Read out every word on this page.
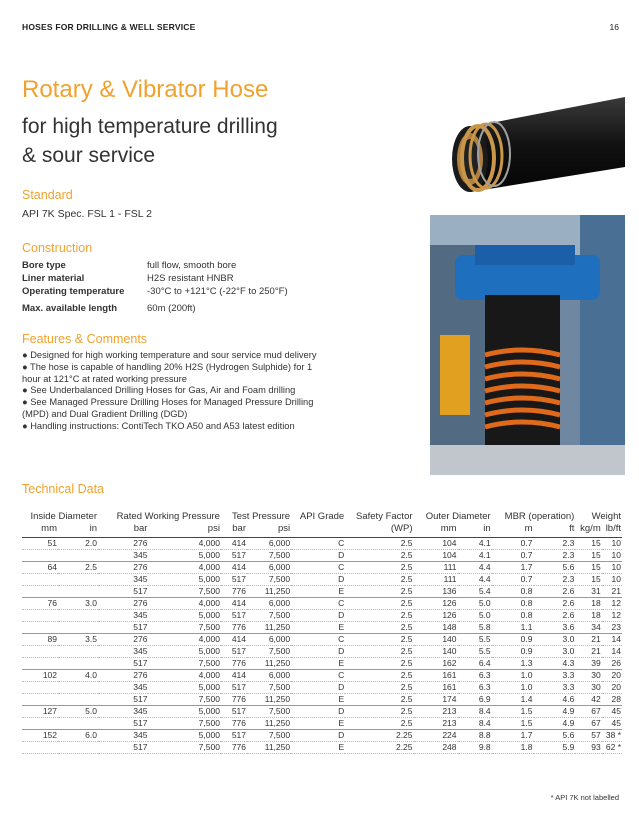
HOSES FOR DRILLING & WELL SERVICE	16
Rotary & Vibrator Hose
for high temperature drilling
& sour service
Standard
API 7K Spec. FSL 1 - FSL 2
Construction
Bore type	full flow, smooth bore
Liner material	H2S resistant HNBR
Operating temperature -30°C to +121°C (-22°F to 250°F)
Max. available length	60m (200ft)
Features & Comments
● Designed for high working temperature and sour service mud delivery
● The hose is capable of handling 20% H2S (Hydrogen Sulphide) for 1 hour at 121°C at rated working pressure
● See Underbalanced Drilling Hoses for Gas, Air and Foam drilling
● See Managed Pressure Drilling Hoses for Managed Pressure Drilling (MPD) and Dual Gradient Drilling (DGD)
● Handling instructions: ContiTech TKO A50 and A53 latest edition
Technical Data
Inside Diameter		Rated Working Pressure		Test Pressure		API Grade	Safety Factor	Outer Diameter		MBR (operation)		Weight	
mm	in	bar	psi	bar	psi		(WP)	mm	in	m	ft	kg/m	lb/ft
51	2.0	276	4,000	414	6,000	C	2.5	104	4.1	0.7	2.3	15	10
		345	5,000	517	7,500	D	2.5	104	4.1	0.7	2.3	15	10
64	2.5	276	4,000	414	6,000	C	2.5	111	4.4	1.7	5.6	15	10
		345	5,000	517	7,500	D	2.5	111	4.4	0.7	2.3	15	10
		517	7,500	776	11,250	E	2.5	136	5.4	0.8	2.6	31	21
76	3.0	276	4,000	414	6,000	C	2.5	126	5.0	0.8	2.6	18	12
		345	5,000	517	7,500	D	2.5	126	5.0	0.8	2.6	18	12
		517	7,500	776	11,250	E	2.5	148	5.8	1.1	3.6	34	23
89	3.5	276	4,000	414	6,000	C	2.5	140	5.5	0.9	3.0	21	14
		345	5,000	517	7,500	D	2.5	140	5.5	0.9	3.0	21	14
		517	7,500	776	11,250	E	2.5	162	6.4	1.3	4.3	39	26
102	4.0	276	4,000	414	6,000	C	2.5	161	6.3	1.0	3.3	30	20
		345	5,000	517	7,500	D	2.5	161	6.3	1.0	3.3	30	20
		517	7,500	776	11,250	E	2.5	174	6.9	1.4	4.6	42	28
127	5.0	345	5,000	517	7,500	D	2.5	213	8.4	1.5	4.9	67	45
		517	7,500	776	11,250	E	2.5	213	8.4	1.5	4.9	67	45
152	6.0	345	5,000	517	7,500	D	2.25	224	8.8	1.7	5.6	57	38 *
		517	7,500	776	11,250	E	2.25	248	9.8	1.8	5.9	93	62 *
* API 7K not labelled
